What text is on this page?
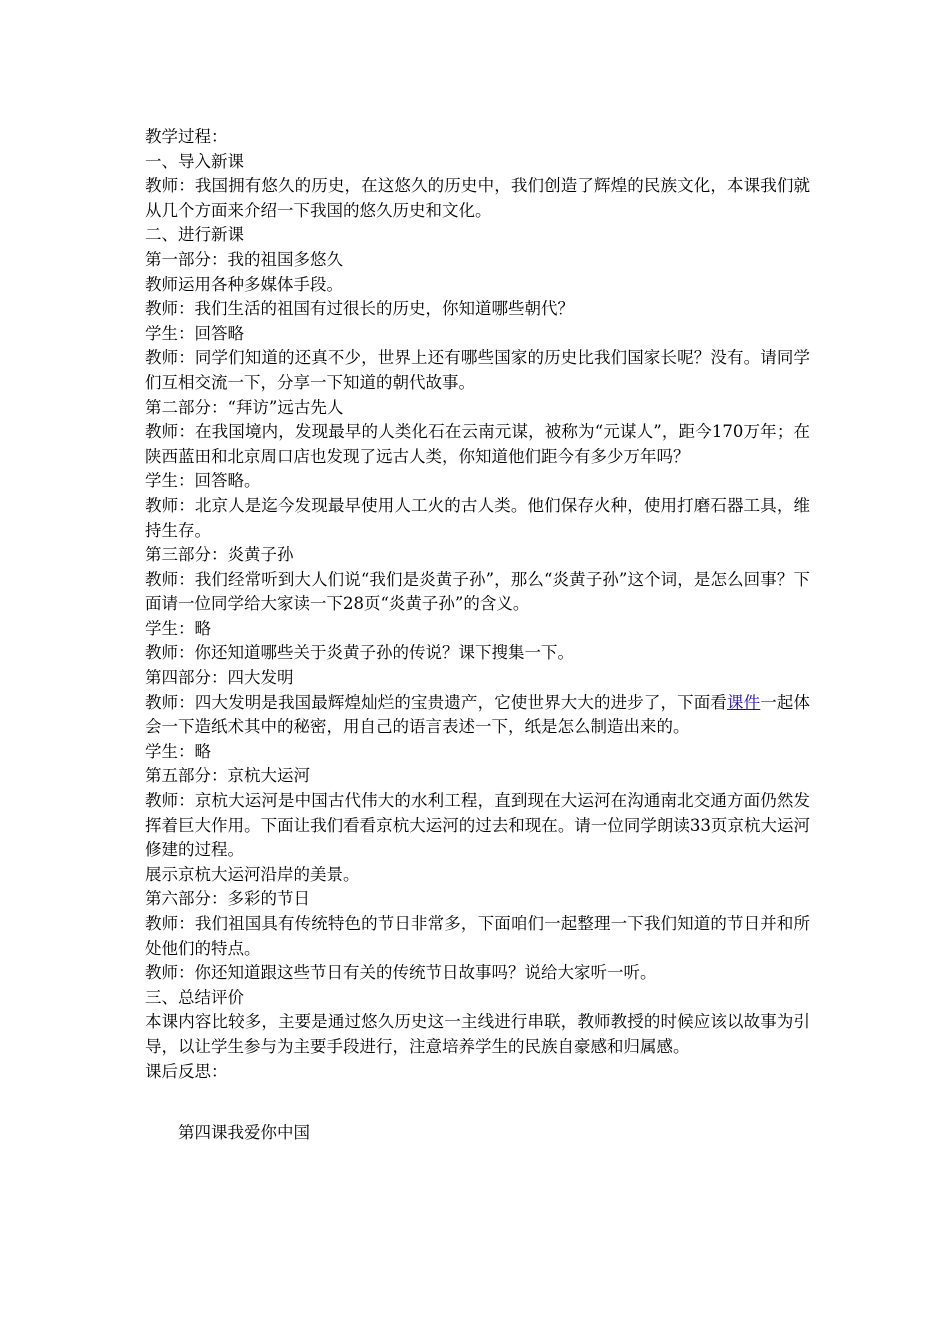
教学过程：

一、导入新课

教师：我国拥有悠久的历史，在这悠久的历史中，我们创造了辉煌的民族文化，本课我们就从几个方面来介绍一下我国的悠久历史和文化。

二、进行新课

第一部分：我的祖国多悠久

教师运用各种多媒体手段。

教师：我们生活的祖国有过很长的历史，你知道哪些朝代？

学生：回答略

教师：同学们知道的还真不少，世界上还有哪些国家的历史比我们国家长呢？没有。请同学们互相交流一下，分享一下知道的朝代故事。

第二部分：“拜访”远古先人

教师：在我国境内，发现最早的人类化石在云南元谋，被称为“元谋人”，距今170万年；在陕西蓝田和北京周口店也发现了远古人类，你知道他们距今有多少万年吗？

学生：回答略。

教师：北京人是迄今发现最早使用人工火的古人类。他们保存火种，使用打磨石器工具，维持生存。

第三部分：炎黄子孙

教师：我们经常听到大人们说“我们是炎黄子孙”，那么“炎黄子孙”这个词，是怎么回事？下面请一位同学给大家读一下28页“炎黄子孙”的含义。

学生：略

教师：你还知道哪些关于炎黄子孙的传说？课下搜集一下。

第四部分：四大发明

教师：四大发明是我国最辉煌灿烂的宝贵遗产，它使世界大大的进步了，下面看课件一起体会一下造纸术其中的秘密，用自己的语言表述一下，纸是怎么制造出来的。

学生：略

第五部分：京杭大运河

教师：京杭大运河是中国古代伟大的水利工程，直到现在大运河在沟通南北交通方面仍然发挥着巨大作用。下面让我们看看京杭大运河的过去和现在。请一位同学朗读33页京杭大运河修建的过程。

展示京杭大运河沿岸的美景。

第六部分：多彩的节日

教师：我们祖国具有传统特色的节日非常多，下面咱们一起整理一下我们知道的节日并和所处他们的特点。

教师：你还知道跟这些节日有关的传统节日故事吗？说给大家听一听。

三、总结评价

本课内容比较多，主要是通过悠久历史这一主线进行串联，教师教授的时候应该以故事为引导，以让学生参与为主要手段进行，注意培养学生的民族自豪感和归属感。

课后反思：

第四课我爱你中国
